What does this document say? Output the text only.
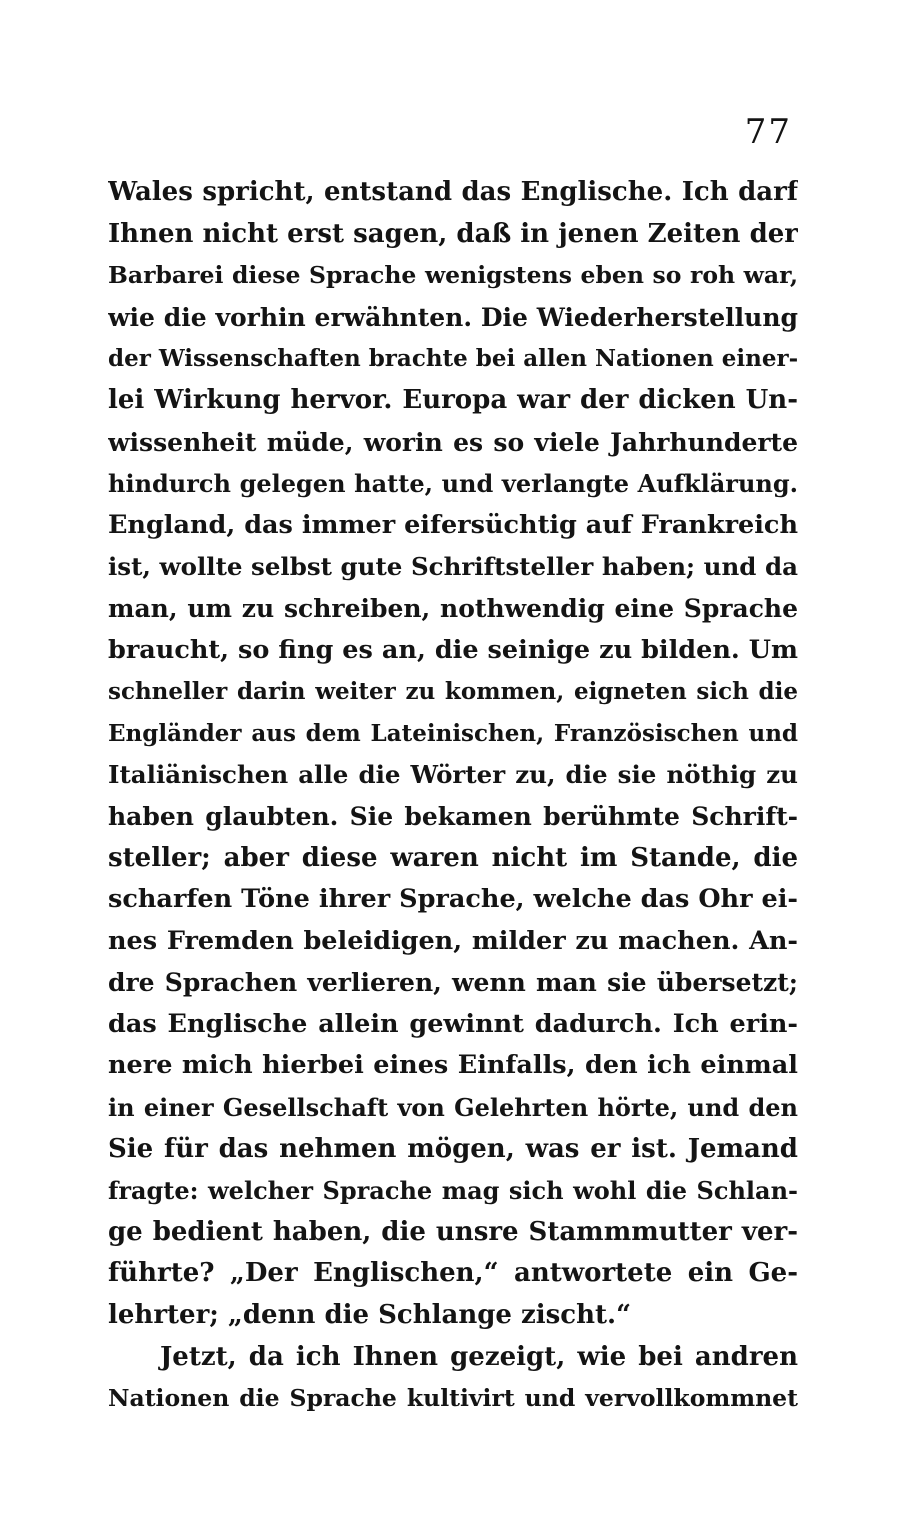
77
Wales spricht, entstand das Englische. Ich darf
Ihnen nicht erst sagen, daß in jenen Zeiten der
Barbarei diese Sprache wenigstens eben so roh war,
wie die vorhin erwähnten. Die Wiederherstellung
der Wissenschaften brachte bei allen Nationen einer-
lei Wirkung hervor. Europa war der dicken Un-
wissenheit müde, worin es so viele Jahrhunderte
hindurch gelegen hatte, und verlangte Aufklärung.
England, das immer eifersüchtig auf Frankreich
ist, wollte selbst gute Schriftsteller haben; und da
man, um zu schreiben, nothwendig eine Sprache
braucht, so fing es an, die seinige zu bilden. Um
schneller darin weiter zu kommen, eigneten sich die
Engländer aus dem Lateinischen, Französischen und
Italiänischen alle die Wörter zu, die sie nöthig zu
haben glaubten. Sie bekamen berühmte Schrift-
steller; aber diese waren nicht im Stande, die
scharfen Töne ihrer Sprache, welche das Ohr ei-
nes Fremden beleidigen, milder zu machen. An-
dre Sprachen verlieren, wenn man sie übersetzt;
das Englische allein gewinnt dadurch. Ich erin-
nere mich hierbei eines Einfalls, den ich einmal
in einer Gesellschaft von Gelehrten hörte, und den
Sie für das nehmen mögen, was er ist. Jemand
fragte: welcher Sprache mag sich wohl die Schlan-
ge bedient haben, die unsre Stammmutter ver-
führte? „Der Englischen,“ antwortete ein Ge-
lehrter; „denn die Schlange zischt.“
Jetzt, da ich Ihnen gezeigt, wie bei andren
Nationen die Sprache kultivirt und vervollkommnet
